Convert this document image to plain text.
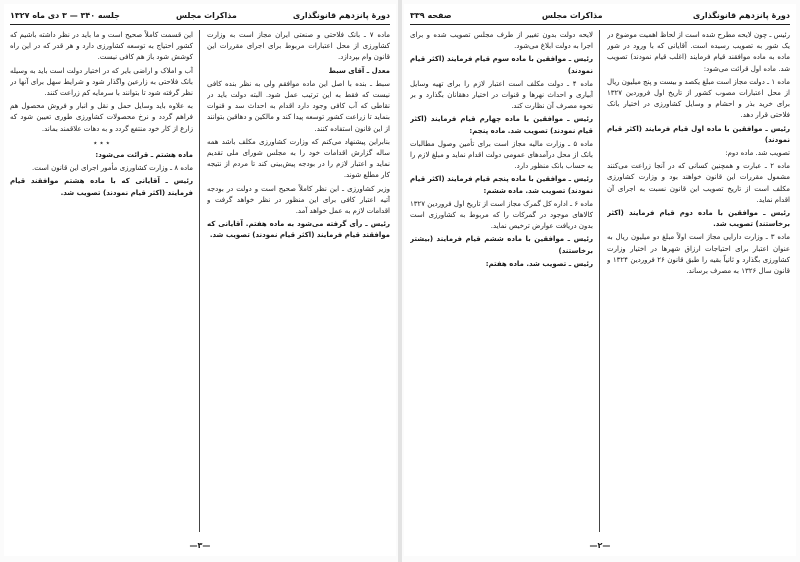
دورهٔ پانزدهم قانونگذاری
مذاکرات مجلس
جلسه ۳۴۰ — ۳ دی ماه ۱۳۲۷

ماده ۷ ـ بانک فلاحتی و صنعتی ایران مجاز است به وزارت کشاورزی از محل اعتبارات مربوط برای اجرای مقررات این قانون وام بپردازد.

معدل ـ آقای سبط

سبط ـ بنده با اصل این ماده موافقم ولی به نظر بنده کافی نیست که فقط به این ترتیب عمل شود. البته دولت باید در نقاطی که آب کافی وجود دارد اقدام به احداث سد و قنوات بنماید تا زراعت کشور توسعه پیدا کند و مالکین و دهاقین بتوانند از این قانون استفاده کنند.

بنابراین پیشنهاد می‌کنم که وزارت کشاورزی مکلف باشد همه ساله گزارش اقدامات خود را به مجلس شورای ملی تقدیم نماید و اعتبار لازم را در بودجه پیش‌بینی کند تا مردم از نتیجه کار مطلع شوند.

وزیر کشاورزی ـ این نظر کاملاً صحیح است و دولت در بودجه آتیه اعتبار کافی برای این منظور در نظر خواهد گرفت و اقدامات لازم به عمل خواهد آمد.

رئیس ـ رأی گرفته می‌شود به ماده هفتم. آقایانی که موافقند قیام فرمایند (اکثر قیام نمودند) تصویب شد.

این قسمت کاملاً صحیح است و ما باید در نظر داشته باشیم که کشور احتیاج به توسعه کشاورزی دارد و هر قدر که در این راه کوشش شود باز هم کافی نیست.

آب و املاک و اراضی بایر که در اختیار دولت است باید به وسیله بانک فلاحتی به زارعین واگذار شود و شرایط سهل برای آنها در نظر گرفته شود تا بتوانند با سرمایه کم زراعت کنند.

به علاوه باید وسایل حمل و نقل و انبار و فروش محصول هم فراهم گردد و نرخ محصولات کشاورزی طوری تعیین شود که زارع از کار خود منتفع گردد و به دهات علاقمند بماند.

٭ ٭ ٭

ماده هشتم ـ قرائت می‌شود:

ماده ۸ ـ وزارت کشاورزی مأمور اجرای این قانون است.

رئیس ـ آقایانی که با ماده هشتم موافقند قیام فرمایند (اکثر قیام نمودند) تصویب شد.

—۳—
دورهٔ پانزدهم قانونگذاری
مذاکرات مجلس
صفحه ۳۳۹

رئیس ـ چون لایحه مطرح شده است از لحاظ اهمیت موضوع در یک شور به تصویب رسیده است. آقایانی که با ورود در شور ماده به ماده موافقند قیام فرمایند (اغلب قیام نمودند) تصویب شد. ماده اول قرائت می‌شود:

ماده ۱ ـ دولت مجاز است مبلغ یکصد و بیست و پنج میلیون ریال از محل اعتبارات مصوب کشور از تاریخ اول فروردین ۱۳۲۷ برای خرید بذر و احشام و وسایل کشاورزی در اختیار بانک فلاحتی قرار دهد.

رئیس ـ موافقین با ماده اول قیام فرمایند (اکثر قیام نمودند)

تصویب شد. ماده دوم:

ماده ۲ ـ عبارت و همچنین کسانی که در آنجا زراعت می‌کنند مشمول مقررات این قانون خواهند بود و وزارت کشاورزی مکلف است از تاریخ تصویب این قانون نسبت به اجرای آن اقدام نماید.

رئیس ـ موافقین با ماده دوم قیام فرمایند (اکثر برخاستند) تصویب شد.

ماده ۳ ـ وزارت دارایی مجاز است اولاً مبلغ دو میلیون ریال به عنوان اعتبار برای احتیاجات ارزاق شهرها در اختیار وزارت کشاورزی بگذارد و ثانیاً بقیه را طبق قانون ۲۶ فروردین ۱۳۲۴ و قانون سال ۱۳۲۶ به مصرف برساند.

لایحه دولت بدون تغییر از طرف مجلس تصویب شده و برای اجرا به دولت ابلاغ می‌شود.

رئیس ـ موافقین با ماده سوم قیام فرمایند (اکثر قیام نمودند)

ماده ۴ ـ دولت مکلف است اعتبار لازم را برای تهیه وسایل آبیاری و احداث نهرها و قنوات در اختیار دهقانان بگذارد و بر نحوه مصرف آن نظارت کند.

رئیس ـ موافقین با ماده چهارم قیام فرمایند (اکثر قیام نمودند) تصویب شد. ماده پنجم:

ماده ۵ ـ وزارت مالیه مجاز است برای تأمین وصول مطالبات بانک از محل درآمدهای عمومی دولت اقدام نماید و مبلغ لازم را به حساب بانک منظور دارد.

رئیس ـ موافقین با ماده پنجم قیام فرمایند (اکثر قیام نمودند) تصویب شد. ماده ششم:

ماده ۶ ـ اداره کل گمرک مجاز است از تاریخ اول فروردین ۱۳۲۷ کالاهای موجود در گمرکات را که مربوط به کشاورزی است بدون دریافت عوارض ترخیص نماید.

رئیس ـ موافقین با ماده ششم قیام فرمایند (بیشتر برخاستند)

رئیس ـ تصویب شد. ماده هفتم:

—۲—
